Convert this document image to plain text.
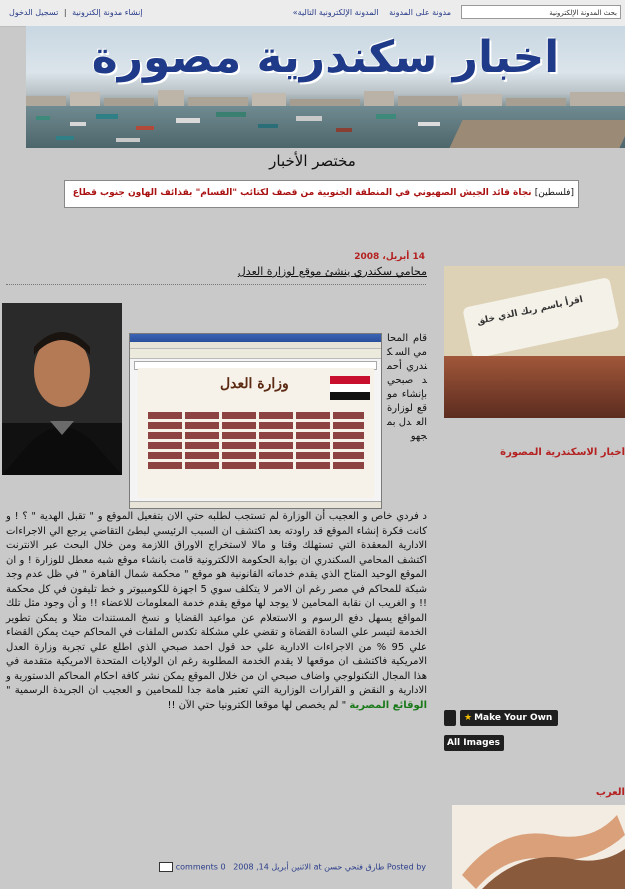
بحث المدونة الإلكترونية
مدونة على المدونة المدونة الإلكترونية التالية»
إنشاء مدونة إلكترونية | تسجيل الدخول
اخبار سكندرية مصورة
مختصر الأخبار
[فلسطين] نجاة قائد الجيش الصهيوني في المنطقة الجنوبية من قصف لكتائب "القسام" بقذائف الهاون جنوب قطاع
14 أبريل، 2008
محامي سكندري ينشئ موقع لوزارة العدل
وزارة العدل
قام المحامي السكندري أحمد صبحي بإنشاء موقع لوزارة العدل بمجهو
د فردي خاص و العجيب أن الوزارة لم تستجب لطلبه حتي الان بتفعيل الموقع و " تقبل الهدية " ؟ ! و كانت فكرة إنشاء الموقع قد راودته بعد اكتشف ان السبب الرئيسي لبطئ التقاضي يرجع الي الاجراءات الادارية المعقدة التي تستهلك وقتا و مالا لاستخراج الاوراق اللازمة ومن خلال البحث عبر الانترنت اكتشف المحامي السكندري ان بوابة الحكومة الالكترونية قامت بانشاء موقع شبه معطل للوزارة ! و ان الموقع الوحيد المتاح الذي يقدم خدماته القانونية هو موقع " محكمة شمال القاهرة " في ظل عدم وجد شبكة للمحاكم في مصر رغم ان الامر لا يتكلف سوي 5 اجهزة للكومبيوتر و خط تليفون في كل محكمة !! و الغريب ان نقابة المحامين لا يوجد لها موقع يقدم خدمة المعلومات للاعضاء !! و أن وجود مثل تلك المواقع يسهل دفع الرسوم و الاستعلام عن مواعيد القضايا و نسخ المستندات مثلا و يمكن تطوير الخدمة لتيسر علي السادة القضاة و تقضي علي مشكلة تكدس الملفات في المحاكم حيث يمكن القضاء علي 95 % من الاجراءات الادارية علي حد قول احمد صبحي الذي اطلع علي تجربة وزارة العدل الامريكية فاكتشف ان موقعها لا يقدم الخدمة المطلوبة رغم ان الولايات المتحدة الامريكية متقدمة في هذا المجال التكنولوجي واضاف صبحي ان من خلال الموقع يمكن نشر كافة احكام المحاكم الدستورية و الادارية و النقض و القرارات الوزارية التي تعتبر هامة جدا للمحامين و العجيب ان الجريدة الرسمية " الوقائع المصرية " لم يخصص لها موقعا الكترونيا حتي الآن !!
Posted by طارق فتحي حسن at الاثنين أبريل 14, 2008   0 comments
اقرأ باسم ربك الذي خلق
أخبار الاسكندرية المصورة
★ Make Your Own
All Images
العرب
